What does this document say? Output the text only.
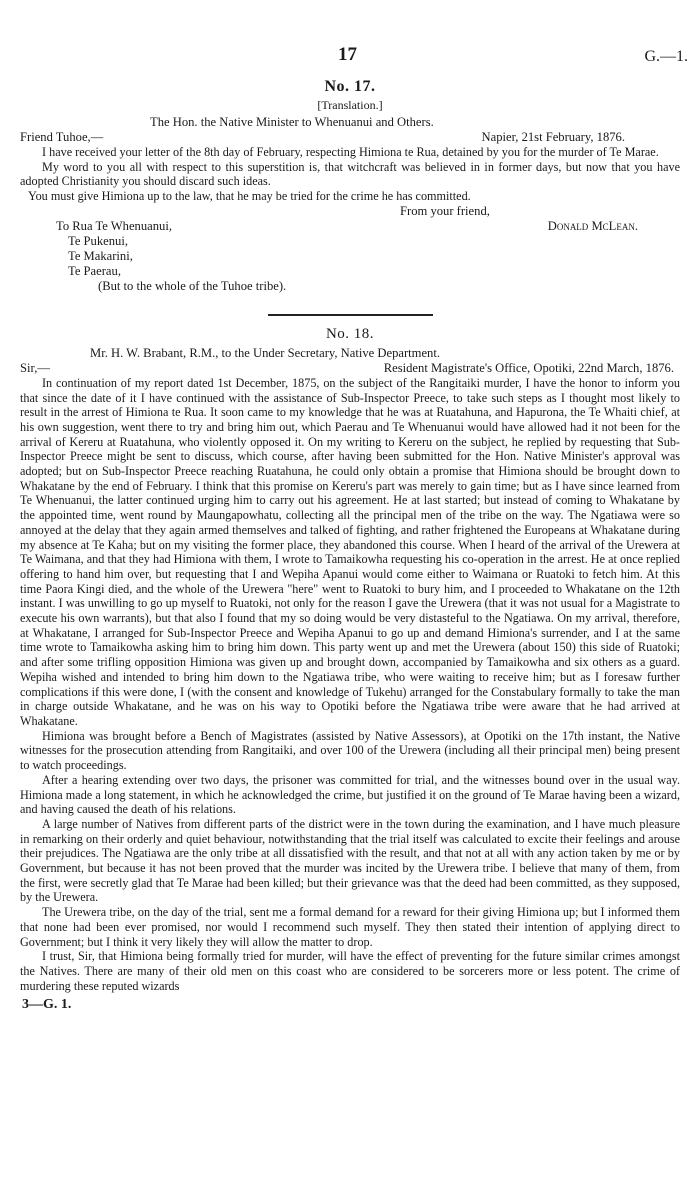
17	G.—1.
No. 17.
[Translation.]
The Hon. the Native Minister to Whenuanui and Others.
Friend Tuhoe,—	Napier, 21st February, 1876.

I have received your letter of the 8th day of February, respecting Himiona te Rua, detained by you for the murder of Te Marae.

My word to you all with respect to this superstition is, that witchcraft was believed in in former days, but now that you have adopted Christianity you should discard such ideas.

You must give Himiona up to the law, that he may be tried for the crime he has committed.

From your friend,
To Rua Te Whenuanui,	Donald McLean.
Te Pukenui,
Te Makarini,
Te Paerau,
(But to the whole of the Tuhoe tribe).
No. 18.
Mr. H. W. Brabant, R.M., to the Under Secretary, Native Department.
Sir,—	Resident Magistrate's Office, Opotiki, 22nd March, 1876.

In continuation of my report dated 1st December, 1875, on the subject of the Rangitaiki murder, I have the honor to inform you that since the date of it I have continued with the assistance of Sub-Inspector Preece, to take such steps as I thought most likely to result in the arrest of Himiona te Rua. It soon came to my knowledge that he was at Ruatahuna, and Hapurona, the Te Whaiti chief, at his own suggestion, went there to try and bring him out, which Paerau and Te Whenuanui would have allowed had it not been for the arrival of Kereru at Ruatahuna, who violently opposed it. On my writing to Kereru on the subject, he replied by requesting that Sub-Inspector Preece might be sent to discuss, which course, after having been submitted for the Hon. Native Minister's approval was adopted; but on Sub-Inspector Preece reaching Ruatahuna, he could only obtain a promise that Himiona should be brought down to Whakatane by the end of February. I think that this promise on Kereru's part was merely to gain time; but as I have since learned from Te Whenuanui, the latter continued urging him to carry out his agreement. He at last started; but instead of coming to Whakatane by the appointed time, went round by Maungapowhatu, collecting all the principal men of the tribe on the way. The Ngatiawa were so annoyed at the delay that they again armed themselves and talked of fighting, and rather frightened the Europeans at Whakatane during my absence at Te Kaha; but on my visiting the former place, they abandoned this course. When I heard of the arrival of the Urewera at Te Waimana, and that they had Himiona with them, I wrote to Tamaikowha requesting his co-operation in the arrest. He at once replied offering to hand him over, but requesting that I and Wepiha Apanui would come either to Waimana or Ruatoki to fetch him. At this time Paora Kingi died, and the whole of the Urewera "here" went to Ruatoki to bury him, and I proceeded to Whakatane on the 12th instant. I was unwilling to go up myself to Ruatoki, not only for the reason I gave the Urewera (that it was not usual for a Magistrate to execute his own warrants), but that also I found that my so doing would be very distasteful to the Ngatiawa. On my arrival, therefore, at Whakatane, I arranged for Sub-Inspector Preece and Wepiha Apanui to go up and demand Himiona's surrender, and I at the same time wrote to Tamaikowha asking him to bring him down. This party went up and met the Urewera (about 150) this side of Ruatoki; and after some trifling opposition Himiona was given up and brought down, accompanied by Tamaikowha and six others as a guard. Wepiha wished and intended to bring him down to the Ngatiawa tribe, who were waiting to receive him; but as I foresaw further complications if this were done, I (with the consent and knowledge of Tukehu) arranged for the Constabulary formally to take the man in charge outside Whakatane, and he was on his way to Opotiki before the Ngatiawa tribe were aware that he had arrived at Whakatane.

Himiona was brought before a Bench of Magistrates (assisted by Native Assessors), at Opotiki on the 17th instant, the Native witnesses for the prosecution attending from Rangitaiki, and over 100 of the Urewera (including all their principal men) being present to watch proceedings.

After a hearing extending over two days, the prisoner was committed for trial, and the witnesses bound over in the usual way. Himiona made a long statement, in which he acknowledged the crime, but justified it on the ground of Te Marae having been a wizard, and having caused the death of his relations.

A large number of Natives from different parts of the district were in the town during the examination, and I have much pleasure in remarking on their orderly and quiet behaviour, notwithstanding that the trial itself was calculated to excite their feelings and arouse their prejudices. The Ngatiawa are the only tribe at all dissatisfied with the result, and that not at all with any action taken by me or by Government, but because it has not been proved that the murder was incited by the Urewera tribe. I believe that many of them, from the first, were secretly glad that Te Marae had been killed; but their grievance was that the deed had been committed, as they supposed, by the Urewera.

The Urewera tribe, on the day of the trial, sent me a formal demand for a reward for their giving Himiona up; but I informed them that none had been ever promised, nor would I recommend such myself. They then stated their intention of applying direct to Government; but I think it very likely they will allow the matter to drop.

I trust, Sir, that Himiona being formally tried for murder, will have the effect of preventing for the future similar crimes amongst the Natives. There are many of their old men on this coast who are considered to be sorcerers more or less potent. The crime of murdering these reputed wizards

3—G. 1.
